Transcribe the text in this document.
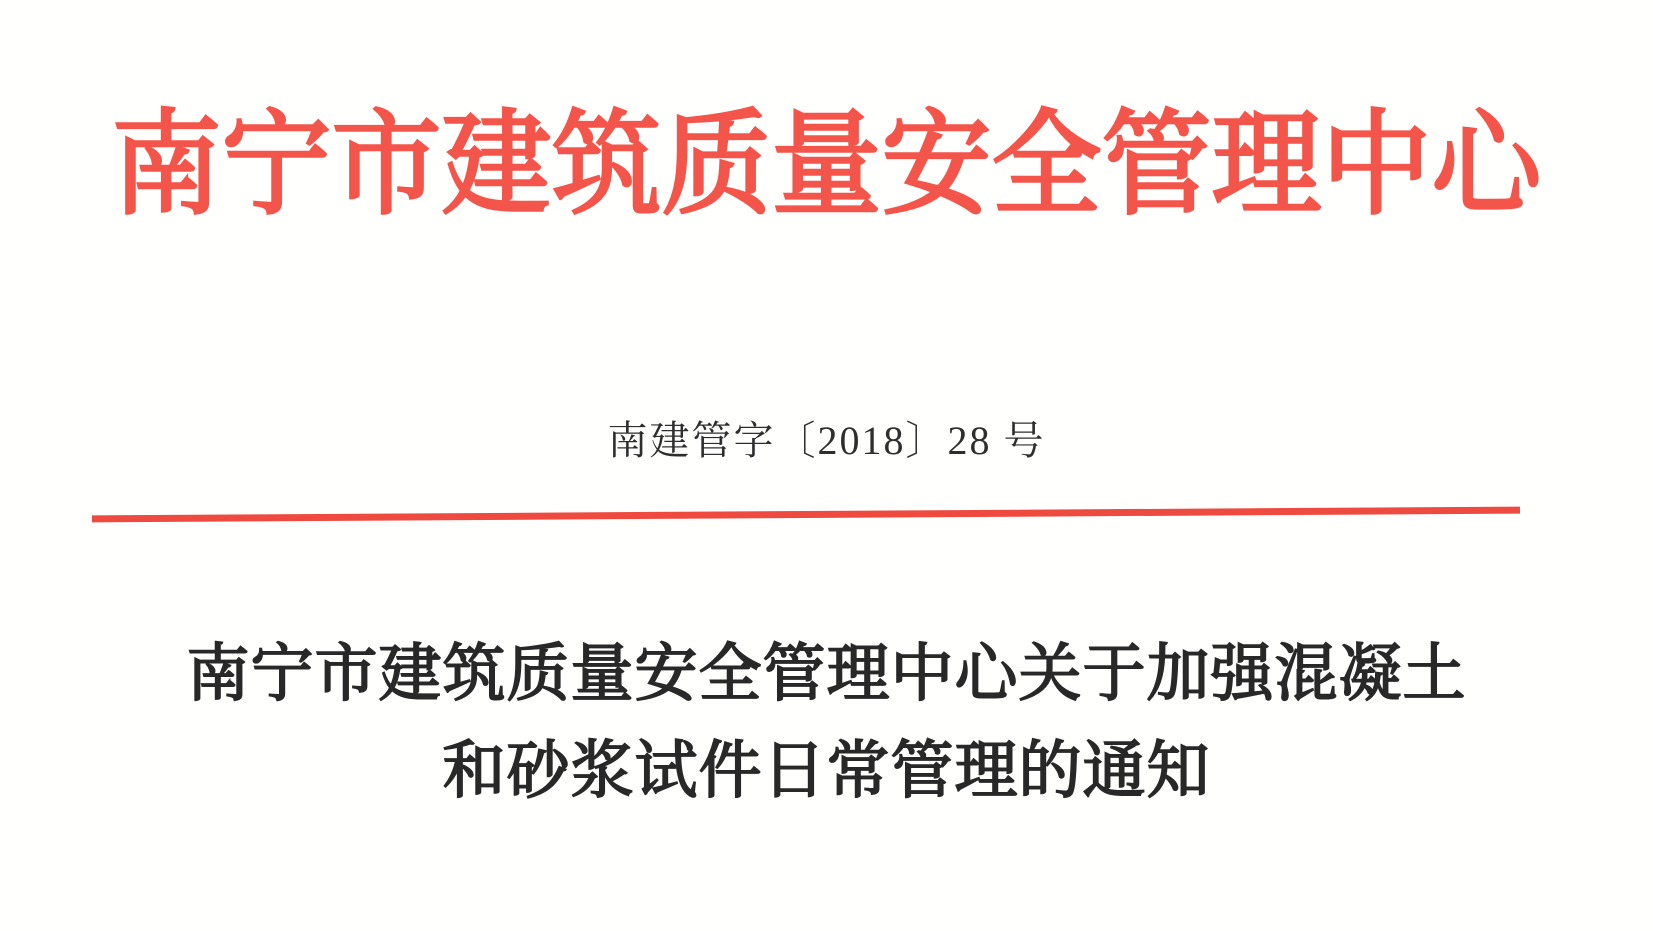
南宁市建筑质量安全管理中心

南建管字〔2018〕28 号

南宁市建筑质量安全管理中心关于加强混凝土
和砂浆试件日常管理的通知
